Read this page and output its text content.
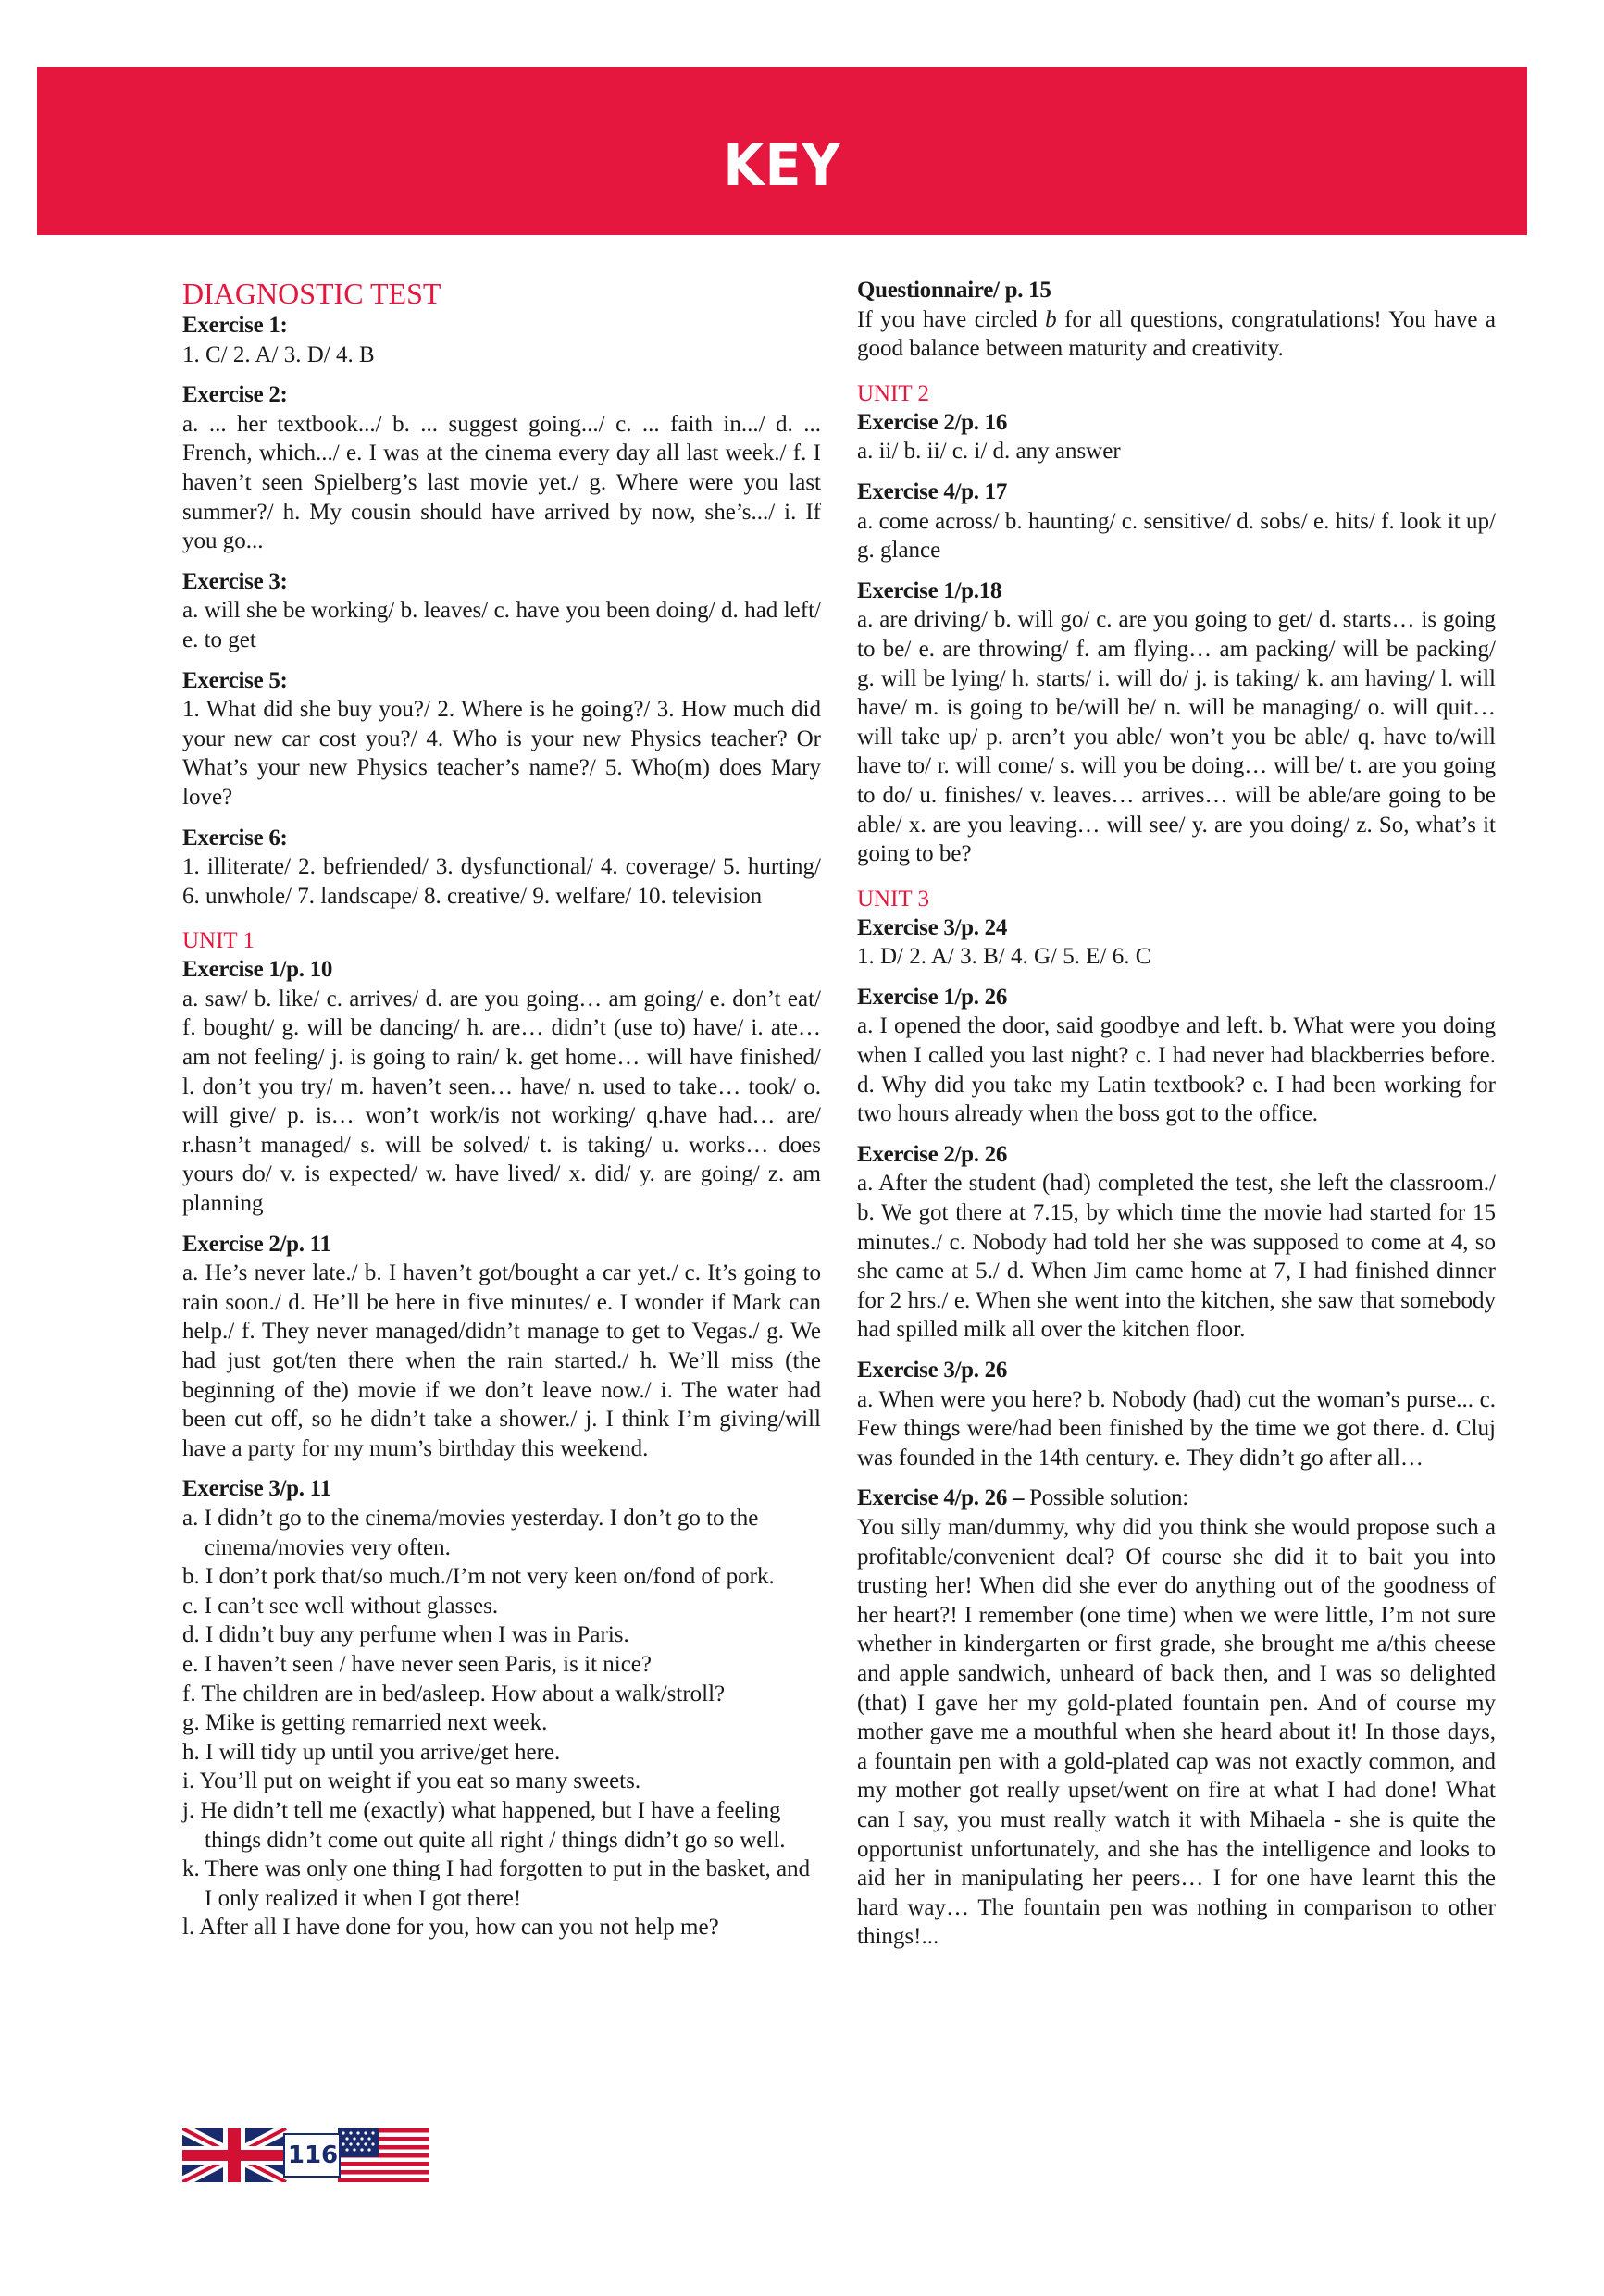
KEY
DIAGNOSTIC TEST
Exercise 1:
1. C/ 2. A/ 3. D/ 4. B
Exercise 2:
a. ... her textbook.../ b. ... suggest going.../ c. ... faith in.../ d. ... French, which.../ e. I was at the cinema every day all last week./ f. I haven’t seen Spielberg’s last movie yet./ g. Where were you last summer?/ h. My cousin should have arrived by now, she’s.../ i. If you go...
Exercise 3:
a. will she be working/ b. leaves/ c. have you been doing/ d. had left/ e. to get
Exercise 5:
1. What did she buy you?/ 2. Where is he going?/ 3. How much did your new car cost you?/ 4. Who is your new Physics teacher? Or What’s your new Physics teacher’s name?/ 5. Who(m) does Mary love?
Exercise 6:
1. illiterate/ 2. befriended/ 3. dysfunctional/ 4. coverage/ 5. hurting/ 6. unwhole/ 7. landscape/ 8. creative/ 9. welfare/ 10. television
UNIT 1
Exercise 1/p. 10
a. saw/ b. like/ c. arrives/ d. are you going… am going/ e. don’t eat/ f. bought/ g. will be dancing/ h. are… didn’t (use to) have/ i. ate… am not feeling/ j. is going to rain/ k. get home… will have finished/ l. don’t you try/ m. haven’t seen… have/ n. used to take… took/ o. will give/ p. is… won’t work/is not working/ q.have had… are/ r.hasn’t managed/ s. will be solved/ t. is taking/ u. works… does yours do/ v. is expected/ w. have lived/ x. did/ y. are going/ z. am planning
Exercise 2/p. 11
a. He’s never late./ b. I haven’t got/bought a car yet./ c. It’s going to rain soon./ d. He’ll be here in five minutes/ e. I wonder if Mark can help./ f. They never managed/didn’t manage to get to Vegas./ g. We had just got/ten there when the rain started./ h. We’ll miss (the beginning of the) movie if we don’t leave now./ i. The water had been cut off, so he didn’t take a shower./ j. I think I’m giving/will have a party for my mum’s birthday this weekend.
Exercise 3/p. 11
a. I didn’t go to the cinema/movies yesterday. I don’t go to the cinema/movies very often.
b. I don’t pork that/so much./I’m not very keen on/fond of pork.
c. I can’t see well without glasses.
d. I didn’t buy any perfume when I was in Paris.
e. I haven’t seen / have never seen Paris, is it nice?
f. The children are in bed/asleep. How about a walk/stroll?
g. Mike is getting remarried next week.
h. I will tidy up until you arrive/get here.
i. You’ll put on weight if you eat so many sweets.
j. He didn’t tell me (exactly) what happened, but I have a feeling things didn’t come out quite all right / things didn’t go so well.
k. There was only one thing I had forgotten to put in the basket, and I only realized it when I got there!
l. After all I have done for you, how can you not help me?
Questionnaire/ p. 15
If you have circled b for all questions, congratulations! You have a good balance between maturity and creativity.
UNIT 2
Exercise 2/p. 16
a. ii/ b. ii/ c. i/ d. any answer
Exercise 4/p. 17
a. come across/ b. haunting/ c. sensitive/ d. sobs/ e. hits/ f. look it up/ g. glance
Exercise 1/p.18
a. are driving/ b. will go/ c. are you going to get/ d. starts… is going to be/ e. are throwing/ f. am flying… am packing/ will be packing/ g. will be lying/ h. starts/ i. will do/ j. is taking/ k. am having/ l. will have/ m. is going to be/will be/ n. will be managing/ o. will quit… will take up/ p. aren’t you able/ won’t you be able/ q. have to/will have to/ r. will come/ s. will you be doing… will be/ t. are you going to do/ u. finishes/ v. leaves… arrives… will be able/are going to be able/ x. are you leaving… will see/ y. are you doing/ z. So, what’s it going to be?
UNIT 3
Exercise 3/p. 24
1. D/ 2. A/ 3. B/ 4. G/ 5. E/ 6. C
Exercise 1/p. 26
a. I opened the door, said goodbye and left. b. What were you doing when I called you last night? c. I had never had blackberries before. d. Why did you take my Latin textbook? e. I had been working for two hours already when the boss got to the office.
Exercise 2/p. 26
a. After the student (had) completed the test, she left the classroom./ b. We got there at 7.15, by which time the movie had started for 15 minutes./ c. Nobody had told her she was supposed to come at 4, so she came at 5./ d. When Jim came home at 7, I had finished dinner for 2 hrs./ e. When she went into the kitchen, she saw that somebody had spilled milk all over the kitchen floor.
Exercise 3/p. 26
a. When were you here? b. Nobody (had) cut the woman’s purse... c. Few things were/had been finished by the time we got there. d. Cluj was founded in the 14th century. e. They didn’t go after all…
Exercise 4/p. 26 – Possible solution:
You silly man/dummy, why did you think she would propose such a profitable/convenient deal? Of course she did it to bait you into trusting her! When did she ever do anything out of the goodness of her heart?! I remember (one time) when we were little, I’m not sure whether in kindergarten or first grade, she brought me a/this cheese and apple sandwich, unheard of back then, and I was so delighted (that) I gave her my gold-plated fountain pen. And of course my mother gave me a mouthful when she heard about it! In those days, a fountain pen with a gold-plated cap was not exactly common, and my mother got really upset/went on fire at what I had done! What can I say, you must really watch it with Mihaela - she is quite the opportunist unfortunately, and she has the intelligence and looks to aid her in manipulating her peers… I for one have learnt this the hard way… The fountain pen was nothing in comparison to other things!...
116
